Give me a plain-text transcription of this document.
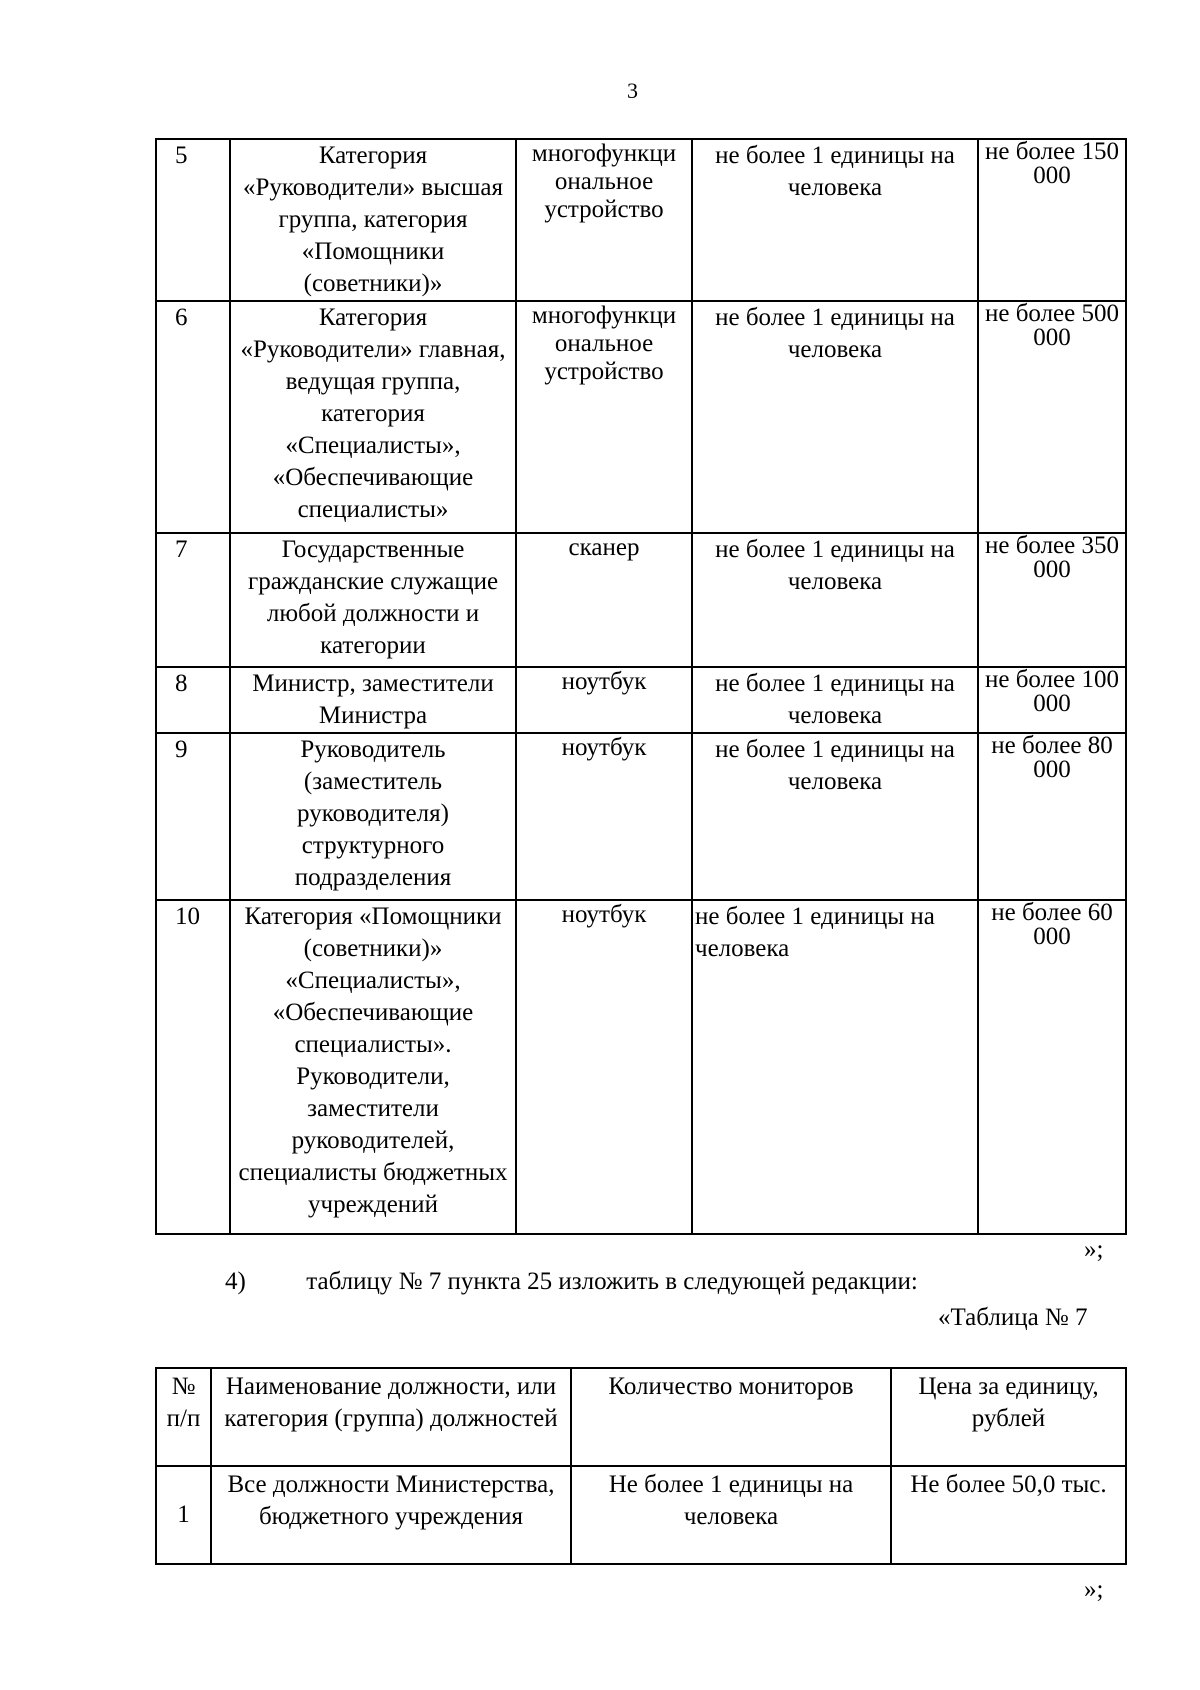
3
5	Категория «Руководители» высшая группа, категория «Помощники (советники)»	многофункци ональное устройство	не более 1 единицы на человека	не более 150 000
6	Категория «Руководители» главная, ведущая группа, категория «Специалисты», «Обеспечивающие специалисты»	многофункци ональное устройство	не более 1 единицы на человека	не более 500 000
7	Государственные гражданские служащие любой должности и категории	сканер	не более 1 единицы на человека	не более 350 000
8	Министр, заместители Министра	ноутбук	не более 1 единицы на человека	не более 100 000
9	Руководитель (заместитель руководителя) структурного подразделения	ноутбук	не более 1 единицы на человека	не более 80 000
10	Категория «Помощники (советники)» «Специалисты», «Обеспечивающие специалисты». Руководители, заместители руководителей, специалисты бюджетных учреждений	ноутбук	не более 1 единицы на человека	не более 60 000
»;
4) таблицу № 7 пункта 25 изложить в следующей редакции:
«Таблица № 7
№ п/п	Наименование должности, или категория (группа) должностей	Количество мониторов	Цена за единицу, рублей
1	Все должности Министерства, бюджетного учреждения	Не более 1 единицы на человека	Не более 50,0 тыс.
»;
